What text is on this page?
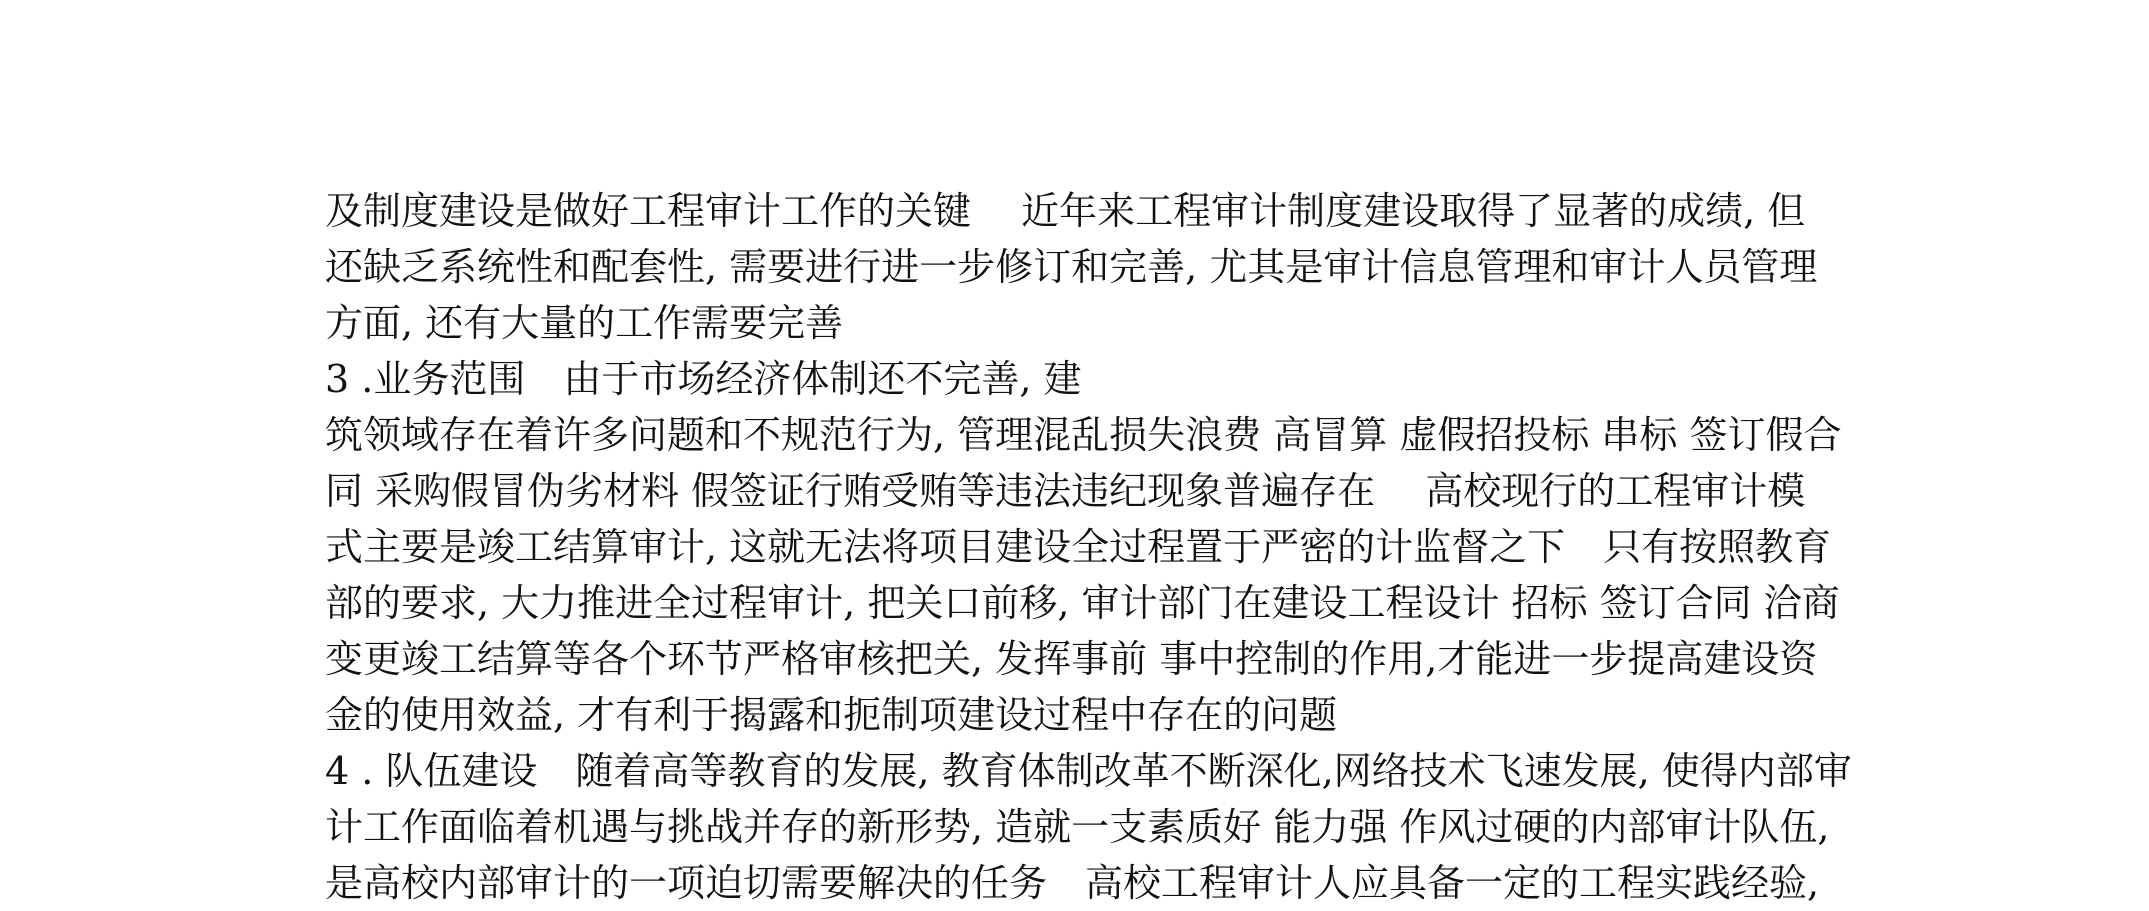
及制度建设是做好工程审计工作的关键　 近年来工程审计制度建设取得了显著的成绩, 但
还缺乏系统性和配套性, 需要进行进一步修订和完善, 尤其是审计信息管理和审计人员管理
方面, 还有大量的工作需要完善
3 .业务范围　由于市场经济体制还不完善, 建
筑领域存在着许多问题和不规范行为, 管理混乱损失浪费 高冒算 虚假招投标 串标 签订假合
同 采购假冒伪劣材料 假签证行贿受贿等违法违纪现象普遍存在　 高校现行的工程审计模
式主要是竣工结算审计, 这就无法将项目建设全过程置于严密的计监督之下　只有按照教育
部的要求, 大力推进全过程审计, 把关口前移, 审计部门在建设工程设计 招标 签订合同 洽商
变更竣工结算等各个环节严格审核把关, 发挥事前 事中控制的作用,才能进一步提高建设资
金的使用效益, 才有利于揭露和扼制项建设过程中存在的问题
4 . 队伍建设　随着高等教育的发展, 教育体制改革不断深化,网络技术飞速发展, 使得内部审
计工作面临着机遇与挑战并存的新形势, 造就一支素质好 能力强 作风过硬的内部审计队伍,
是高校内部审计的一项迫切需要解决的任务　高校工程审计人应具备一定的工程实践经验,
